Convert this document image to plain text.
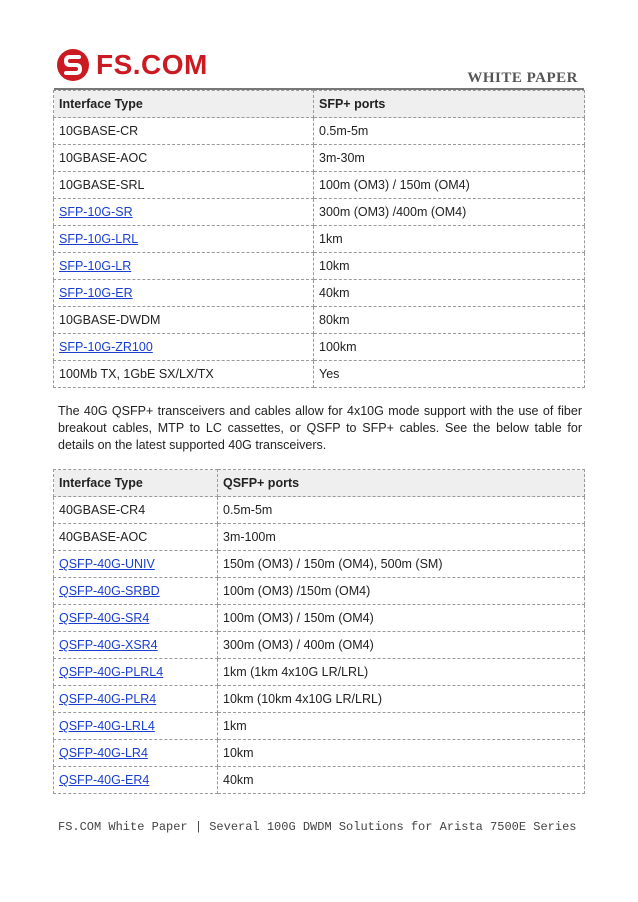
FS.COM	WHITE PAPER
Interface Type	SFP+ ports
10GBASE-CR	0.5m-5m
10GBASE-AOC	3m-30m
10GBASE-SRL	100m (OM3) / 150m (OM4)
SFP-10G-SR	300m (OM3) /400m (OM4)
SFP-10G-LRL	1km
SFP-10G-LR	10km
SFP-10G-ER	40km
10GBASE-DWDM	80km
SFP-10G-ZR100	100km
100Mb TX, 1GbE SX/LX/TX	Yes

The 40G QSFP+ transceivers and cables allow for 4x10G mode support with the use of fiber breakout cables, MTP to LC cassettes, or QSFP to SFP+ cables. See the below table for details on the latest supported 40G transceivers.

Interface Type	QSFP+ ports
40GBASE-CR4	0.5m-5m
40GBASE-AOC	3m-100m
QSFP-40G-UNIV	150m (OM3) / 150m (OM4), 500m (SM)
QSFP-40G-SRBD	100m (OM3) /150m (OM4)
QSFP-40G-SR4	100m (OM3) / 150m (OM4)
QSFP-40G-XSR4	300m (OM3) / 400m (OM4)
QSFP-40G-PLRL4	1km (1km 4x10G LR/LRL)
QSFP-40G-PLR4	10km (10km 4x10G LR/LRL)
QSFP-40G-LRL4	1km
QSFP-40G-LR4	10km
QSFP-40G-ER4	40km
FS.COM White Paper | Several 100G DWDM Solutions for Arista 7500E Series
